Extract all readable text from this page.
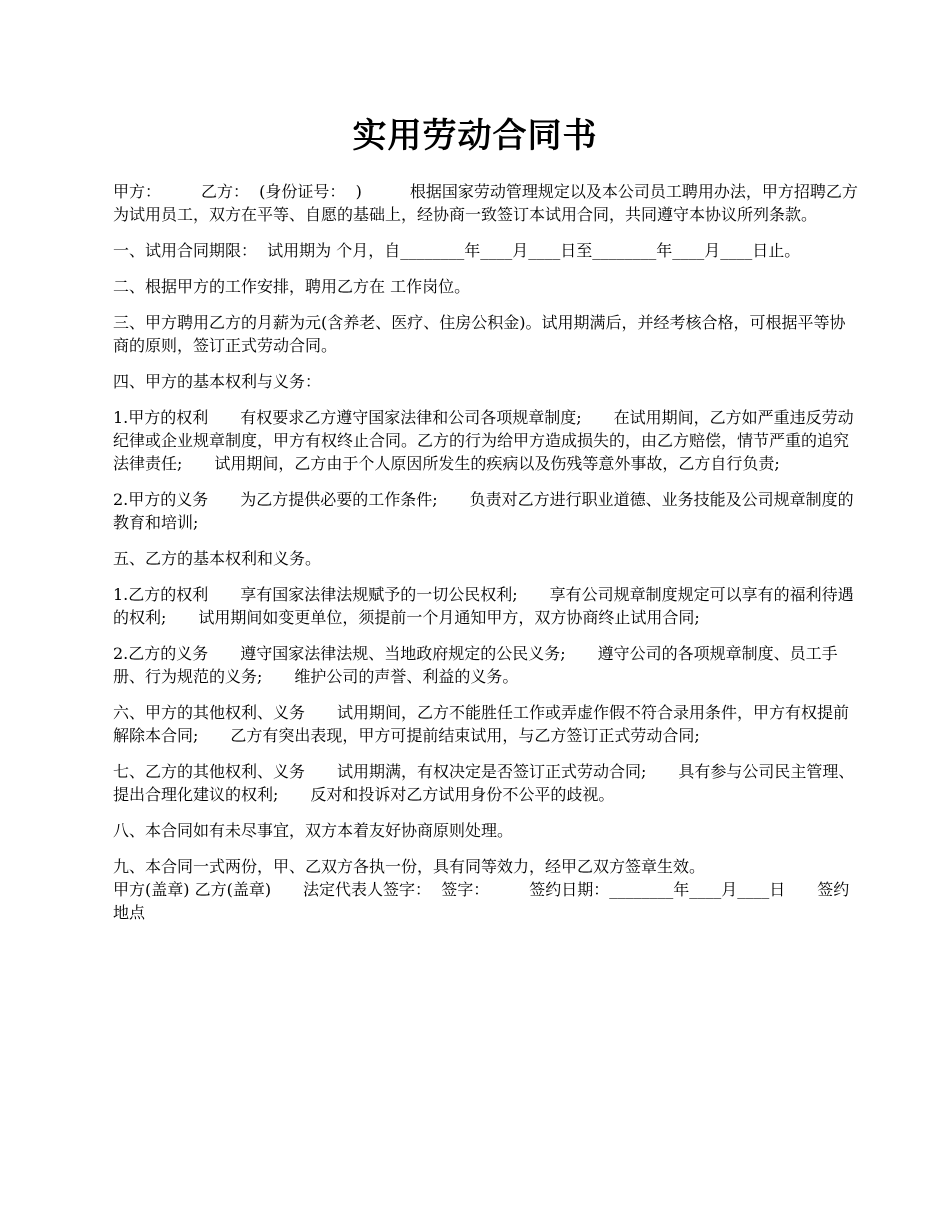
实用劳动合同书

甲方：　　　乙方：  (身份证号：  )　　　根据国家劳动管理规定以及本公司员工聘用办法，甲方招聘乙方为试用员工，双方在平等、自愿的基础上，经协商一致签订本试用合同，共同遵守本协议所列条款。

一、试用合同期限：  试用期为 个月，自________年____月____日至________年____月____日止。

二、根据甲方的工作安排，聘用乙方在 工作岗位。

三、甲方聘用乙方的月薪为元(含养老、医疗、住房公积金)。试用期满后，并经考核合格，可根据平等协商的原则，签订正式劳动合同。

四、甲方的基本权利与义务：

1.甲方的权利　　有权要求乙方遵守国家法律和公司各项规章制度;　　在试用期间，乙方如严重违反劳动纪律或企业规章制度，甲方有权终止合同。乙方的行为给甲方造成损失的，由乙方赔偿，情节严重的追究法律责任;　　试用期间，乙方由于个人原因所发生的疾病以及伤残等意外事故，乙方自行负责;

2.甲方的义务　　为乙方提供必要的工作条件;　　负责对乙方进行职业道德、业务技能及公司规章制度的教育和培训;

五、乙方的基本权利和义务。

1.乙方的权利　　享有国家法律法规赋予的一切公民权利;　　享有公司规章制度规定可以享有的福利待遇的权利;　　试用期间如变更单位，须提前一个月通知甲方，双方协商终止试用合同;

2.乙方的义务　　遵守国家法律法规、当地政府规定的公民义务;　　遵守公司的各项规章制度、员工手册、行为规范的义务;　　维护公司的声誉、利益的义务。

六、甲方的其他权利、义务　　试用期间，乙方不能胜任工作或弄虚作假不符合录用条件，甲方有权提前解除本合同;　　乙方有突出表现，甲方可提前结束试用，与乙方签订正式劳动合同;

七、乙方的其他权利、义务　　试用期满，有权决定是否签订正式劳动合同;　　具有参与公司民主管理、提出合理化建议的权利;　　反对和投诉对乙方试用身份不公平的歧视。

八、本合同如有未尽事宜，双方本着友好协商原则处理。

九、本合同一式两份，甲、乙双方各执一份，具有同等效力，经甲乙双方签章生效。

甲方(盖章) 乙方(盖章)　　法定代表人签字：  签字：　　　签约日期：________年____月____日　　签约地点
